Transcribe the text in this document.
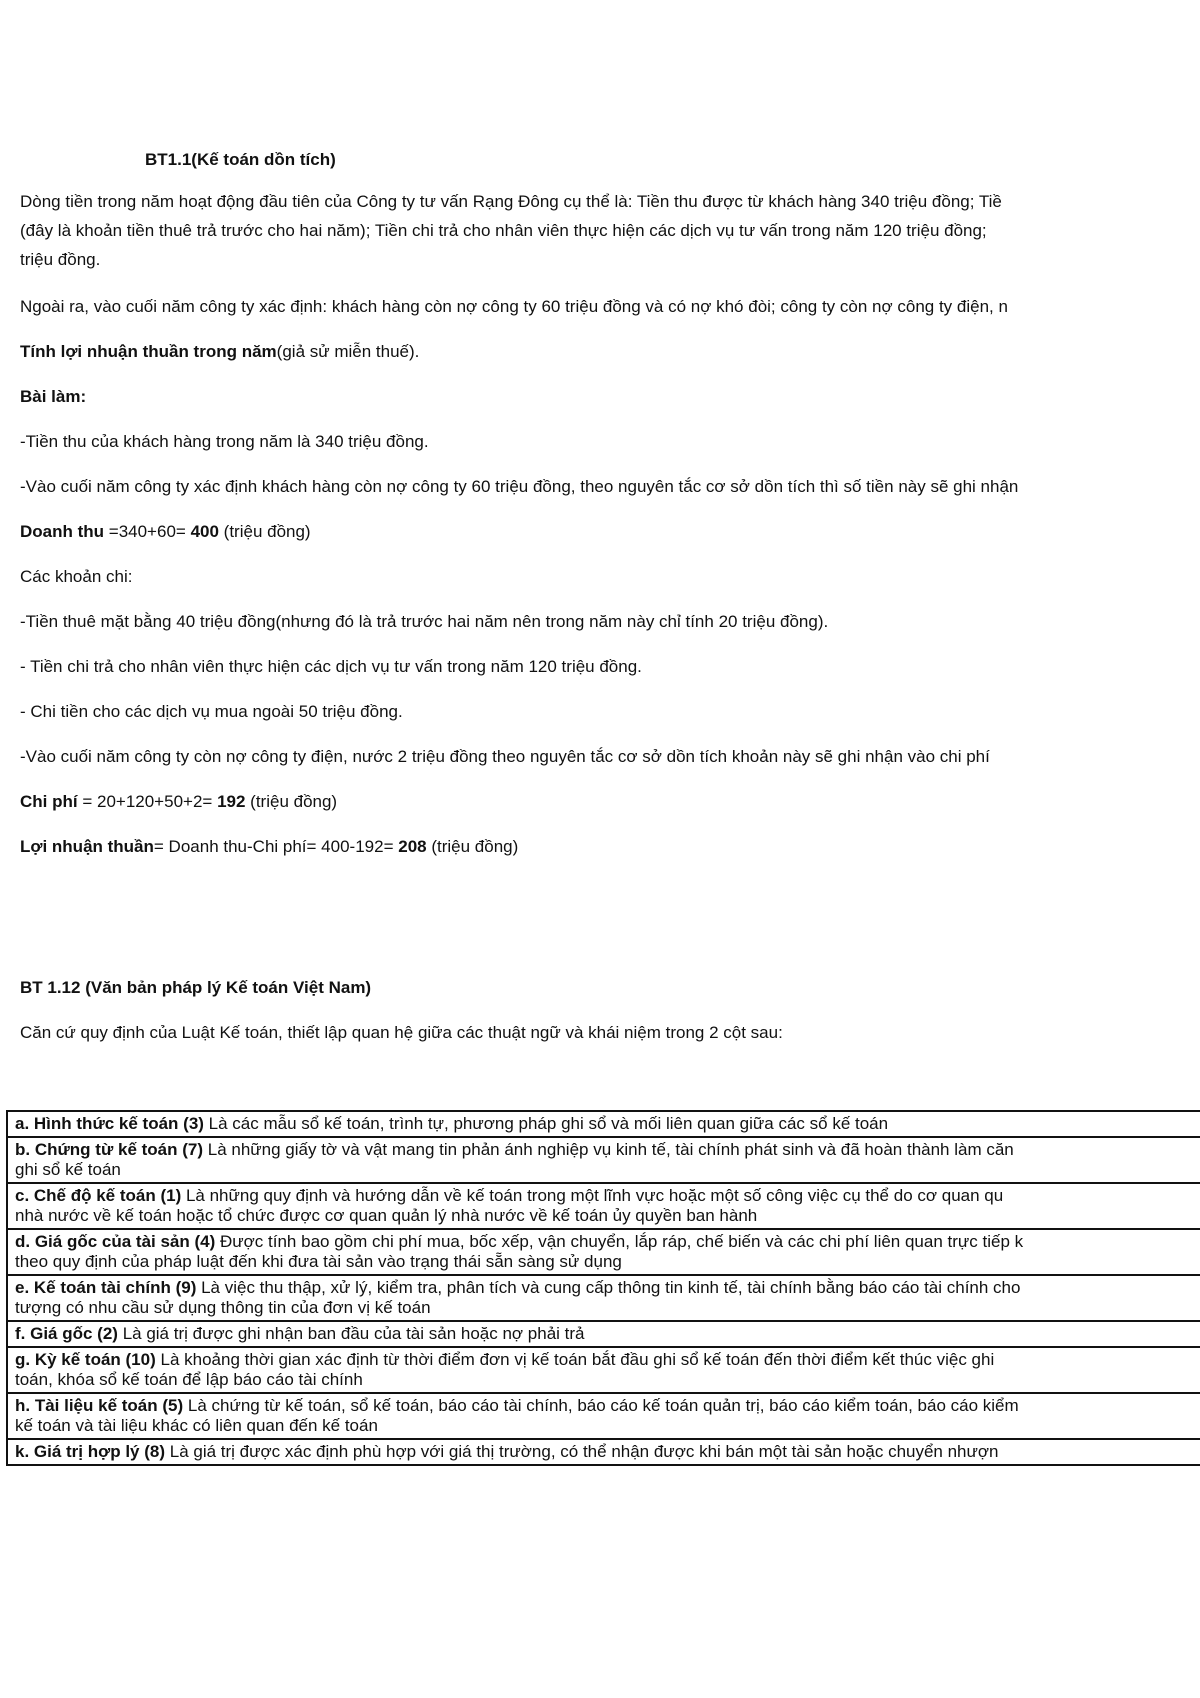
BT1.1(Kế toán dồn tích)
Dòng tiền trong năm hoạt động đầu tiên của Công ty tư vấn Rạng Đông cụ thể là: Tiền thu được từ khách hàng 340 triệu đồng; Tiề
(đây là khoản tiền thuê trả trước cho hai năm); Tiền chi trả cho nhân viên thực hiện các dịch vụ tư vấn trong năm 120 triệu đồng;
triệu đồng.
Ngoài ra, vào cuối năm công ty xác định: khách hàng còn nợ công ty 60 triệu đồng và có nợ khó đòi; công ty còn nợ công ty điện, n
Tính lợi nhuận thuần trong năm(giả sử miễn thuế).
Bài làm:
-Tiền thu của khách hàng trong năm là 340 triệu đồng.
-Vào cuối năm công ty xác định khách hàng còn nợ công ty 60 triệu đồng, theo nguyên tắc cơ sở dồn tích thì số tiền này sẽ ghi nhận
Doanh thu =340+60= 400 (triệu đồng)
Các khoản chi:
-Tiền thuê mặt bằng 40 triệu đồng(nhưng đó là trả trước hai năm nên trong năm này chỉ tính 20 triệu đồng).
- Tiền chi trả cho nhân viên thực hiện các dịch vụ tư vấn trong năm 120 triệu đồng.
- Chi tiền cho các dịch vụ mua ngoài 50 triệu đồng.
-Vào cuối năm công ty còn nợ công ty điện, nước 2 triệu đồng theo nguyên tắc cơ sở dồn tích khoản này sẽ ghi nhận vào chi phí
Chi phí = 20+120+50+2= 192 (triệu đồng)
Lợi nhuận thuần= Doanh thu-Chi phí= 400-192= 208 (triệu đồng)
BT 1.12 (Văn bản pháp lý Kế toán Việt Nam)
Căn cứ quy định của Luật Kế toán, thiết lập quan hệ giữa các thuật ngữ và khái niệm trong 2 cột sau:
a. Hình thức kế toán (3) Là các mẫu sổ kế toán, trình tự, phương pháp ghi sổ và mối liên quan giữa các sổ kế toán

b. Chứng từ kế toán (7) Là những giấy tờ và vật mang tin phản ánh nghiệp vụ kinh tế, tài chính phát sinh và đã hoàn thành làm căn
ghi sổ kế toán

c. Chế độ kế toán (1) Là những quy định và hướng dẫn về kế toán trong một lĩnh vực hoặc một số công việc cụ thể do cơ quan qu
nhà nước về kế toán hoặc tổ chức được cơ quan quản lý nhà nước về kế toán ủy quyền ban hành

d. Giá gốc của tài sản (4) Được tính bao gồm chi phí mua, bốc xếp, vận chuyển, lắp ráp, chế biến và các chi phí liên quan trực tiếp k
theo quy định của pháp luật đến khi đưa tài sản vào trạng thái sẵn sàng sử dụng

e. Kế toán tài chính (9) Là việc thu thập, xử lý, kiểm tra, phân tích và cung cấp thông tin kinh tế, tài chính bằng báo cáo tài chính cho
tượng có nhu cầu sử dụng thông tin của đơn vị kế toán

f. Giá gốc (2) Là giá trị được ghi nhận ban đầu của tài sản hoặc nợ phải trả

g. Kỳ kế toán (10) Là khoảng thời gian xác định từ thời điểm đơn vị kế toán bắt đầu ghi sổ kế toán đến thời điểm kết thúc việc ghi
toán, khóa sổ kế toán để lập báo cáo tài chính

h. Tài liệu kế toán (5) Là chứng từ kế toán, sổ kế toán, báo cáo tài chính, báo cáo kế toán quản trị, báo cáo kiểm toán, báo cáo kiểm
kế toán và tài liệu khác có liên quan đến kế toán

k. Giá trị hợp lý (8) Là giá trị được xác định phù hợp với giá thị trường, có thể nhận được khi bán một tài sản hoặc chuyển nhượn
